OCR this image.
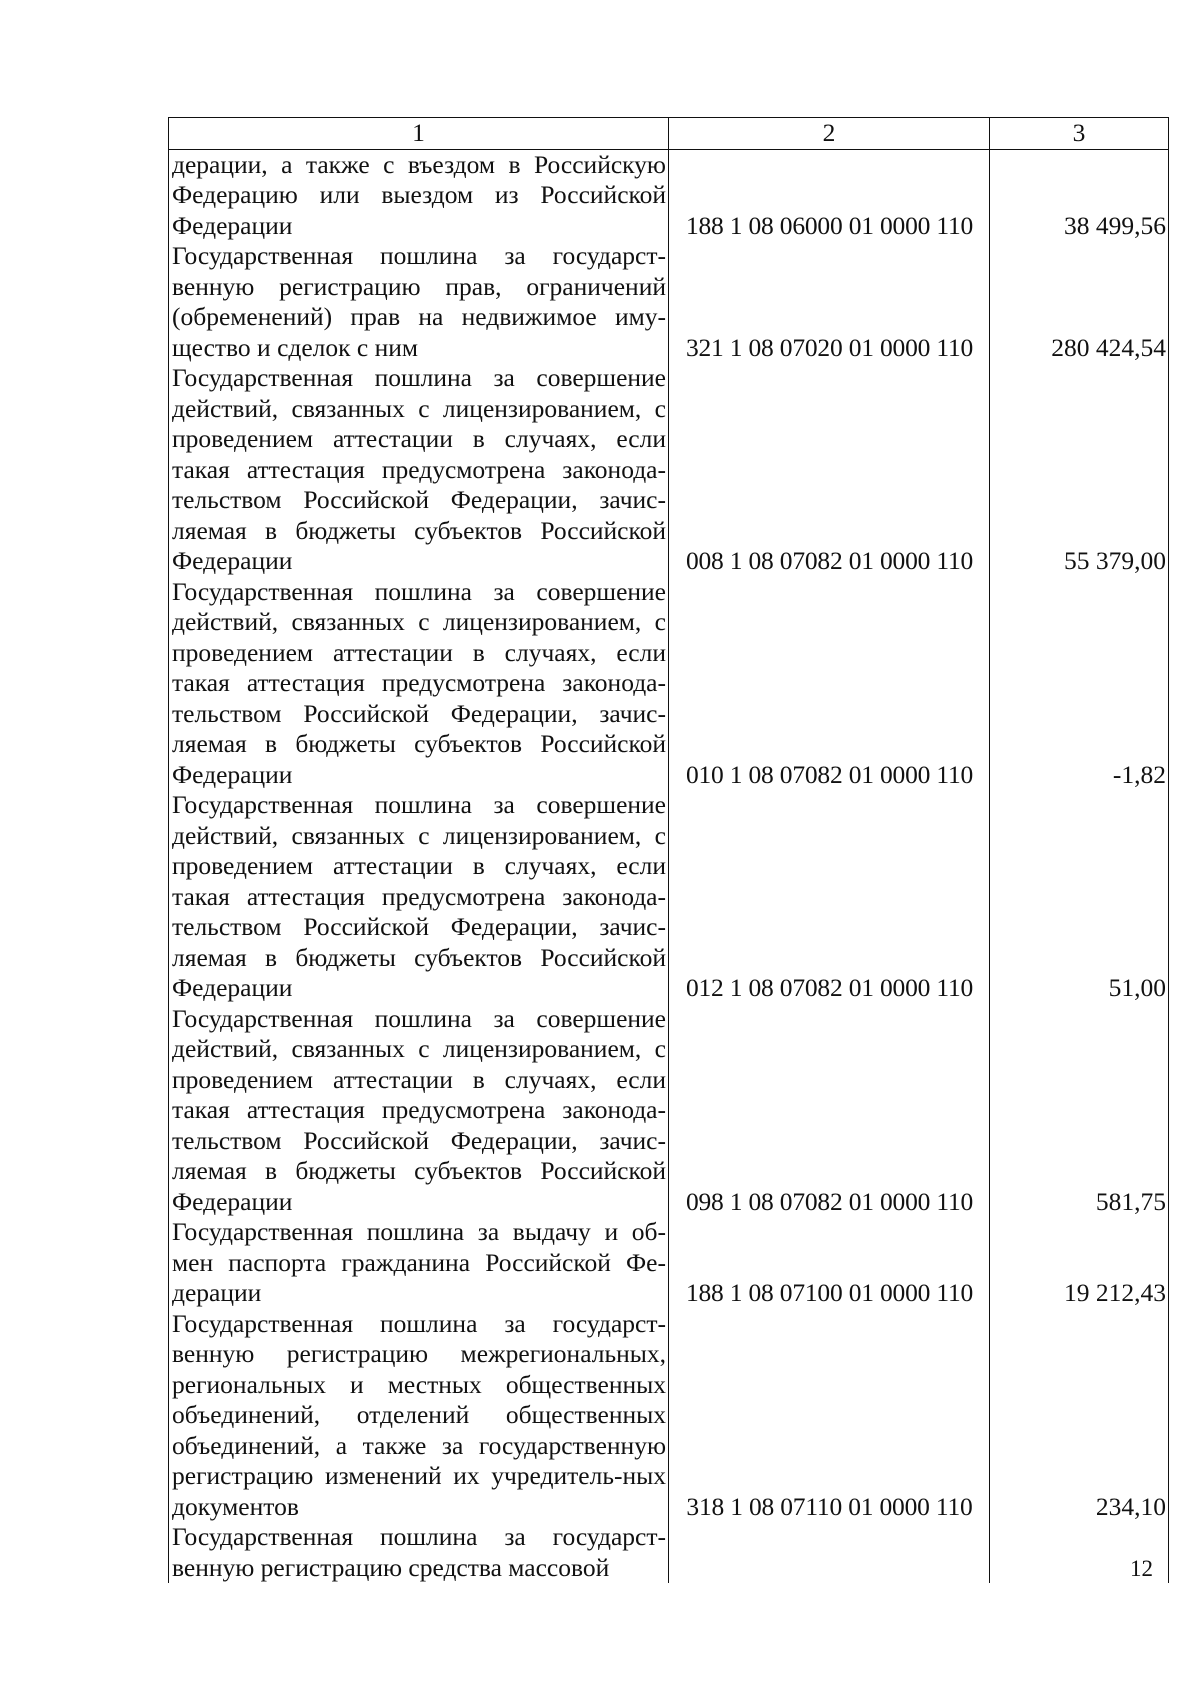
1	2	3
дерации, а также с въездом в Российскую Федерацию или выездом из Российской Федерации	188 1 08 06000 01 0000 110	38 499,56
Государственная пошлина за государст-венную регистрацию прав, ограничений (обременений) прав на недвижимое иму-щество и сделок с ним	321 1 08 07020 01 0000 110	280 424,54
Государственная пошлина за совершение действий, связанных с лицензированием, с проведением аттестации в случаях, если такая аттестация предусмотрена законода-тельством Российской Федерации, зачис-ляемая в бюджеты субъектов Российской Федерации	008 1 08 07082 01 0000 110	55 379,00
Государственная пошлина за совершение действий, связанных с лицензированием, с проведением аттестации в случаях, если такая аттестация предусмотрена законода-тельством Российской Федерации, зачис-ляемая в бюджеты субъектов Российской Федерации	010 1 08 07082 01 0000 110	-1,82
Государственная пошлина за совершение действий, связанных с лицензированием, с проведением аттестации в случаях, если такая аттестация предусмотрена законода-тельством Российской Федерации, зачис-ляемая в бюджеты субъектов Российской Федерации	012 1 08 07082 01 0000 110	51,00
Государственная пошлина за совершение действий, связанных с лицензированием, с проведением аттестации в случаях, если такая аттестация предусмотрена законода-тельством Российской Федерации, зачис-ляемая в бюджеты субъектов Российской Федерации	098 1 08 07082 01 0000 110	581,75
Государственная пошлина за выдачу и об-мен паспорта гражданина Российской Фе-дерации	188 1 08 07100 01 0000 110	19 212,43
Государственная пошлина за государст-венную регистрацию межрегиональных, региональных и местных общественных объединений, отделений общественных объединений, а также за государственную регистрацию изменений их учредитель-ных документов	318 1 08 07110 01 0000 110	234,10
Государственная пошлина за государст-венную регистрацию средства массовой			12
